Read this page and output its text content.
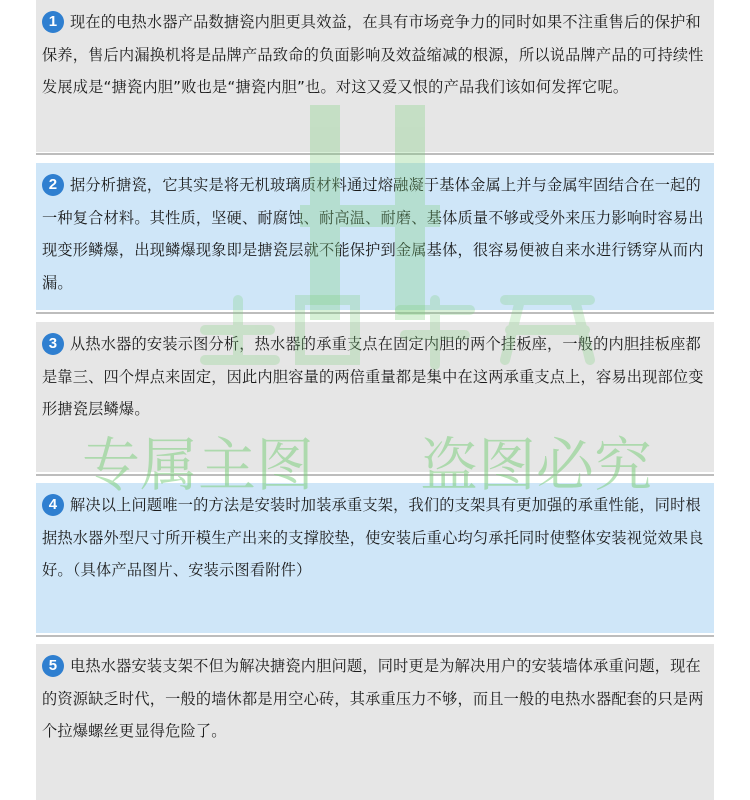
1 现在的电热水器产品数搪瓷内胆更具效益，在具有市场竞争力的同时如果不注重售后的保护和保养，售后内漏换机将是品牌产品致命的负面影响及效益缩减的根源，所以说品牌产品的可持续性发展成是“搪瓷内胆”败也是“搪瓷内胆”也。对这又爱又恨的产品我们该如何发挥它呢。
2 据分析搪瓷，它其实是将无机玻璃质材料通过熔融凝于基体金属上并与金属牢固结合在一起的一种复合材料。其性质，坚硬、耐腐蚀、耐高温、耐磨、基体质量不够或受外来压力影响时容易出现变形鳞爆，出现鳞爆现象即是搪瓷层就不能保护到金属基体，很容易便被自来水进行锈穿从而内漏。
3 从热水器的安装示图分析，热水器的承重支点在固定内胆的两个挂板座，一般的内胆挂板座都是靠三、四个焊点来固定，因此内胆容量的两倍重量都是集中在这两承重支点上，容易出现部位变形搪瓷层鳞爆。
4 解决以上问题唯一的方法是安装时加装承重支架，我们的支架具有更加强的承重性能，同时根据热水器外型尺寸所开模生产出来的支撑胶垫，使安装后重心均匀承托同时使整体安装视觉效果良好。（具体产品图片、安装示图看附件）
5 电热水器安装支架不但为解决搪瓷内胆问题，同时更是为解决用户的安装墙体承重问题，现在的资源缺乏时代，一般的墙休都是用空心砖，其承重压力不够，而且一般的电热水器配套的只是两个拉爆螺丝更显得危险了。
专属主图 盗图必究
